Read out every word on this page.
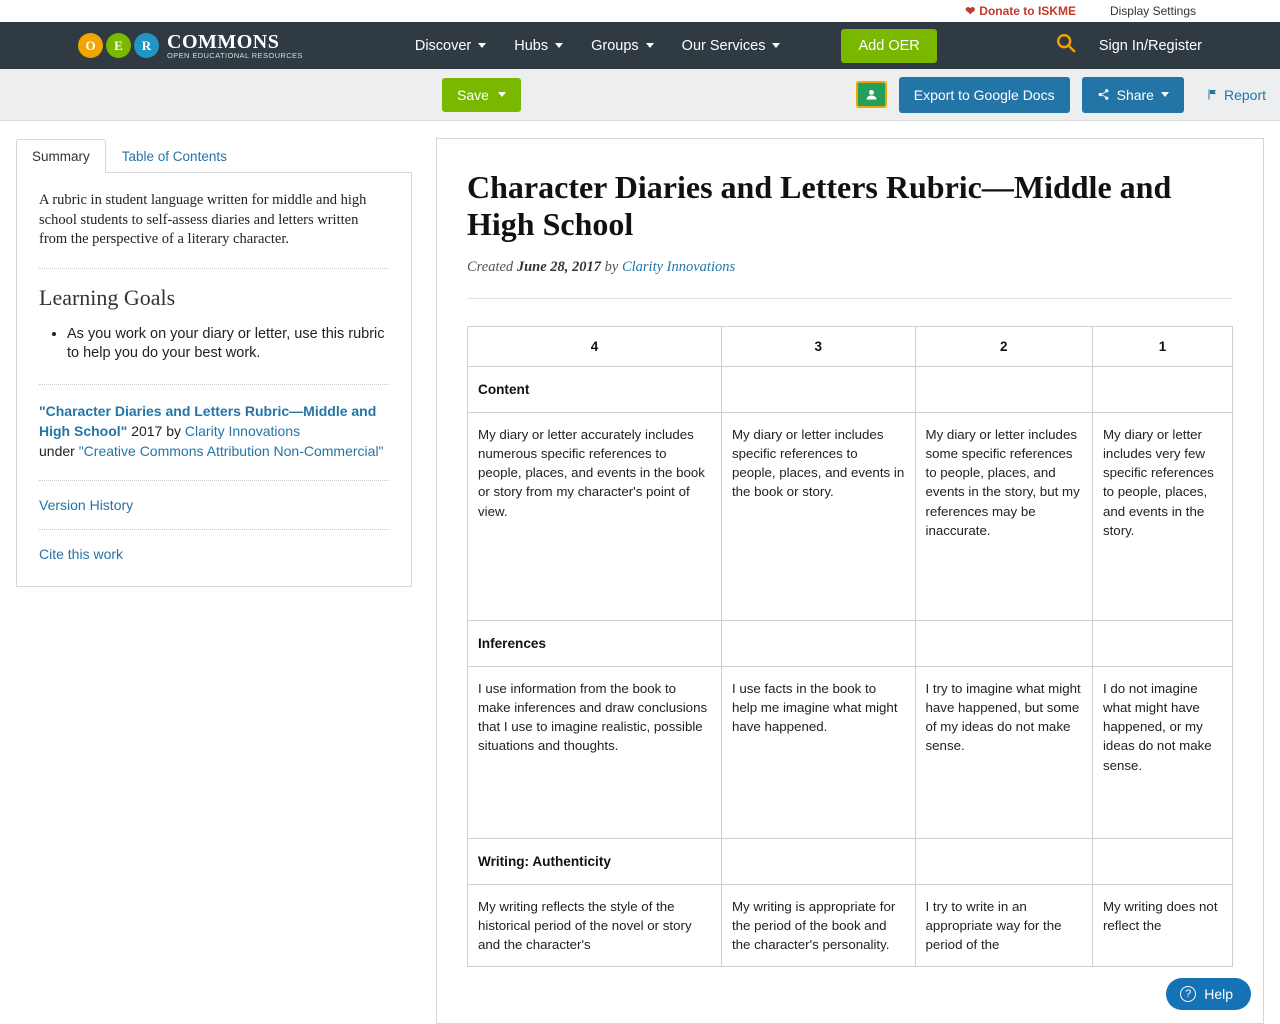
❤ Donate to ISKME	Display Settings
O	E	R COMMONS
OPEN EDUCATIONAL RESOURCES
Discover	Hubs	Groups	Our Services	Add OER	Sign In/Register
Save	Export to Google Docs	Share	Report
Summary	Table of Contents

A rubric in student language written for middle and high school students to self-assess diaries and letters written from the perspective of a literary character.

Learning Goals
• As you work on your diary or letter, use this rubric to help you do your best work.

"Character Diaries and Letters Rubric—Middle and High School" 2017 by Clarity Innovations
under "Creative Commons Attribution Non-Commercial"

Version History
Cite this work
Character Diaries and Letters Rubric—Middle and High School
Created June 28, 2017 by Clarity Innovations
4	3	2	1
Content			
My diary or letter accurately includes numerous specific references to people, places, and events in the book or story from my character's point of view.	My diary or letter includes specific references to people, places, and events in the book or story.	My diary or letter includes some specific references to people, places, and events in the story, but my references may be inaccurate.	My diary or letter includes very few specific references to people, places, and events in the story.
Inferences			
I use information from the book to make inferences and draw conclusions that I use to imagine realistic, possible situations and thoughts.	I use facts in the book to help me imagine what might have happened.	I try to imagine what might have happened, but some of my ideas do not make sense.	I do not imagine what might have happened, or my ideas do not make sense.
Writing: Authenticity			
My writing reflects the style of the historical period of the novel or story and the character's	My writing is appropriate for the period of the book and the character's personality.	I try to write in an appropriate way for the period of the	My writing does not reflect the
? Help
